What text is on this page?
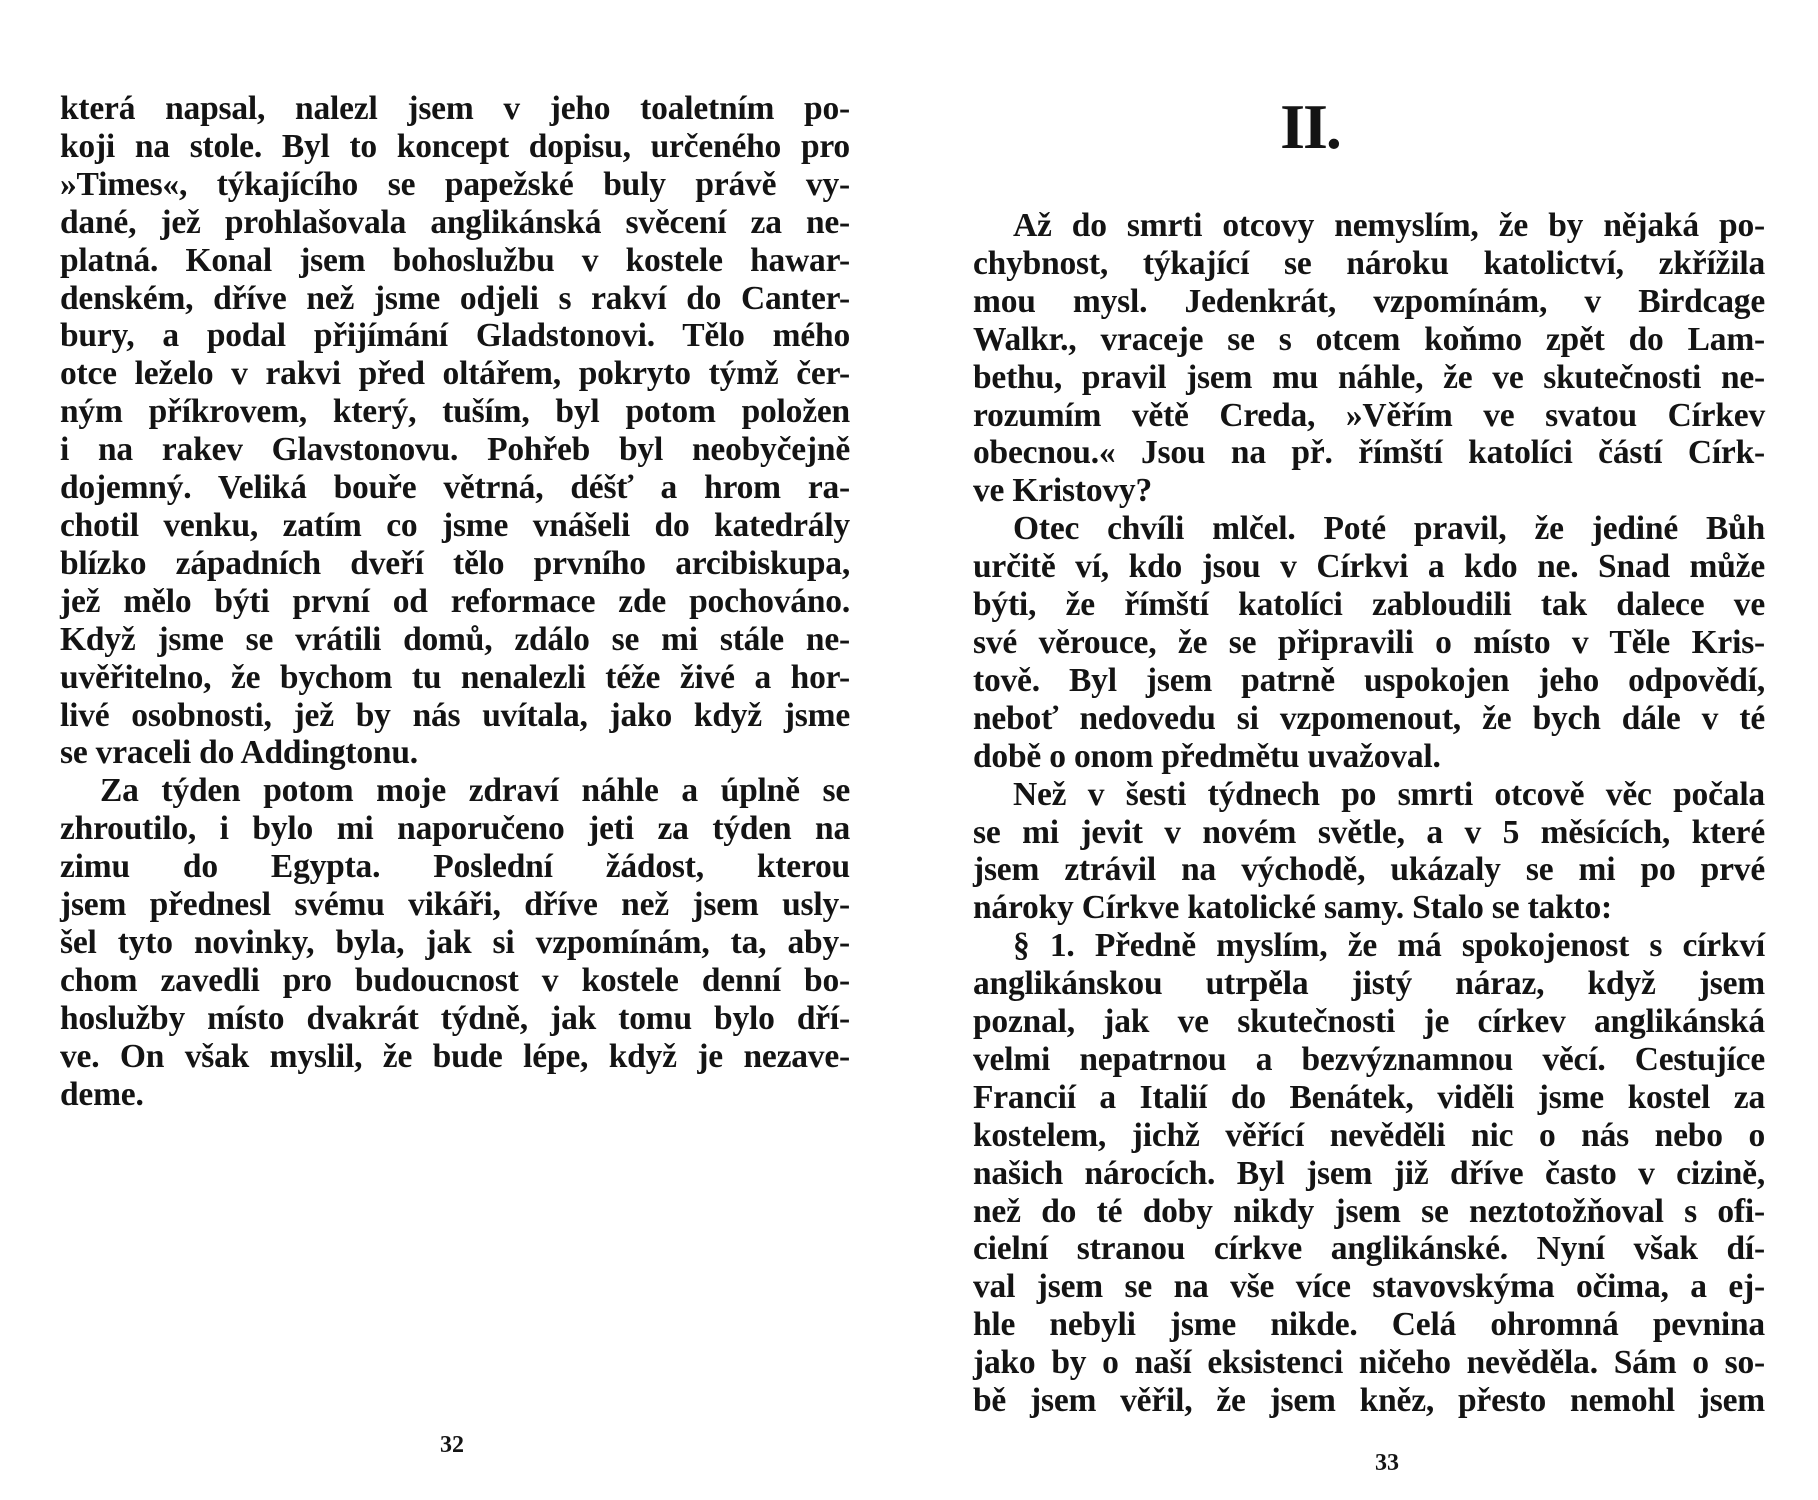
která napsal, nalezl jsem v jeho toaletním po-
koji na stole. Byl to koncept dopisu, určeného pro
»Times«, týkajícího se papežské buly právě vy-
dané, jež prohlašovala anglikánská svěcení za ne-
platná. Konal jsem bohoslužbu v kostele hawar-
denském, dříve než jsme odjeli s rakví do Canter-
bury, a podal přijímání Gladstonovi. Tělo mého
otce leželo v rakvi před oltářem, pokryto týmž čer-
ným příkrovem, který, tuším, byl potom položen
i na rakev Glavstonovu. Pohřeb byl neobyčejně
dojemný. Veliká bouře větrná, déšť a hrom ra-
chotil venku, zatím co jsme vnášeli do katedrály
blízko západních dveří tělo prvního arcibiskupa,
jež mělo býti první od reformace zde pochováno.
Když jsme se vrátili domů, zdálo se mi stále ne-
uvěřitelno, že bychom tu nenalezli téže živé a hor-
livé osobnosti, jež by nás uvítala, jako když jsme
se vraceli do Addingtonu.
Za týden potom moje zdraví náhle a úplně se
zhroutilo, i bylo mi naporučeno jeti za týden na
zimu do Egypta. Poslední žádost, kterou
jsem přednesl svému vikáři, dříve než jsem usly-
šel tyto novinky, byla, jak si vzpomínám, ta, aby-
chom zavedli pro budoucnost v kostele denní bo-
hoslužby místo dvakrát týdně, jak tomu bylo dří-
ve. On však myslil, že bude lépe, když je nezave-
deme.
32
II.
Až do smrti otcovy nemyslím, že by nějaká po-
chybnost, týkající se nároku katolictví, zkřížila
mou mysl. Jedenkrát, vzpomínám, v Birdcage
Walkr., vraceje se s otcem koňmo zpět do Lam-
bethu, pravil jsem mu náhle, že ve skutečnosti ne-
rozumím větě Creda, »Věřím ve svatou Církev
obecnou.« Jsou na př. římští katolíci částí Círk-
ve Kristovy?
Otec chvíli mlčel. Poté pravil, že jediné Bůh
určitě ví, kdo jsou v Církvi a kdo ne. Snad může
býti, že římští katolíci zabloudili tak dalece ve
své věrouce, že se připravili o místo v Těle Kris-
tově. Byl jsem patrně uspokojen jeho odpovědí,
neboť nedovedu si vzpomenout, že bych dále v té
době o onom předmětu uvažoval.
Než v šesti týdnech po smrti otcově věc počala
se mi jevit v novém světle, a v 5 měsících, které
jsem ztrávil na východě, ukázaly se mi po prvé
nároky Církve katolické samy. Stalo se takto:
§ 1. Předně myslím, že má spokojenost s církví
anglikánskou utrpěla jistý náraz, když jsem
poznal, jak ve skutečnosti je církev anglikánská
velmi nepatrnou a bezvýznamnou věcí. Cestujíce
Francií a Italií do Benátek, viděli jsme kostel za
kostelem, jichž věřící nevěděli nic o nás nebo o
našich nárocích. Byl jsem již dříve často v cizině,
než do té doby nikdy jsem se neztotožňoval s ofi-
cielní stranou církve anglikánské. Nyní však dí-
val jsem se na vše více stavovskýma očima, a ej-
hle nebyli jsme nikde. Celá ohromná pevnina
jako by o naší eksistenci ničeho nevěděla. Sám o so-
bě jsem věřil, že jsem kněz, přesto nemohl jsem
33
